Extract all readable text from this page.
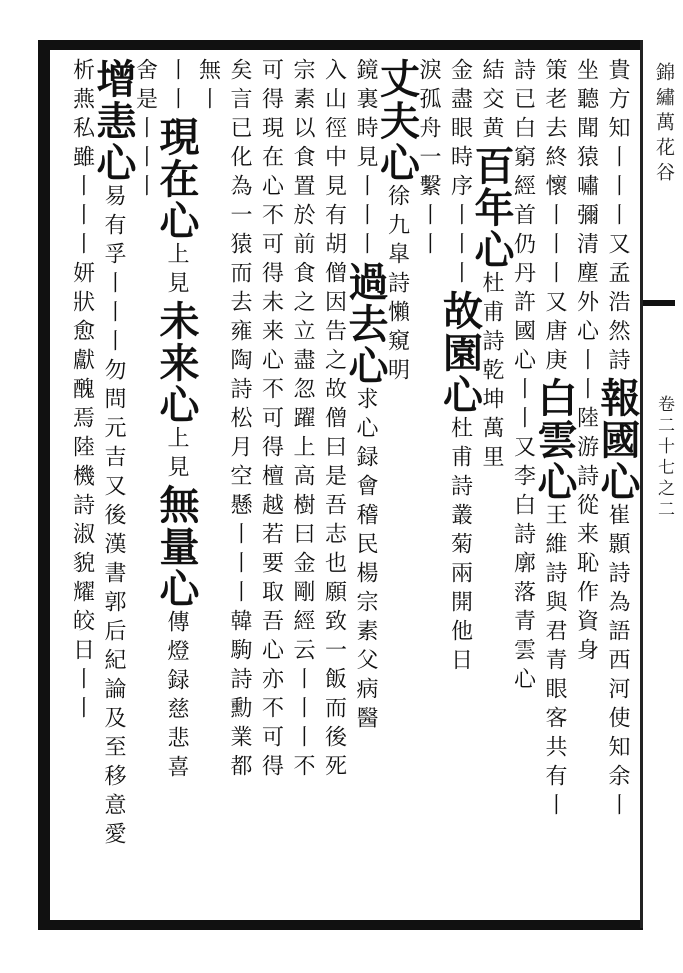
錦繡萬花谷
卷二十七之二
貴方知丨丨丨又孟浩然詩報國心崔顥詩為語西河使知余丨
坐聽聞猿嘯彌清塵外心丨丨陸游詩從来恥作資身
策老去終懷丨丨丨又唐庚白雲心王維詩與君青眼客共有丨
詩已白窮經首仍丹許國心丨丨又李白詩廓落青雲心
結交黄百年心杜甫詩乾坤萬里
金盡眼時序丨丨丨故園心杜甫詩叢菊兩開他日
淚孤舟一繫丨丨
丈夫心徐九皐詩懶窺明
鏡裏時見丨丨丨過去心求心録會稽民楊宗素父病醫
入山徑中見有胡僧因告之故僧曰是吾志也願致一飯而後死
宗素以食置於前食之立盡忽躍上高樹曰金剛經云丨丨丨不
可得現在心不可得未来心不可得檀越若要取吾心亦不可得
矣言已化為一猿而去雍陶詩松月空懸丨丨丨韓駒詩勳業都
無丨
丨丨現在心上見未来心上見無量心傳燈録慈悲喜
舍是丨丨丨
增恚心易有孚丨丨丨勿問元吉又後漢書郭后紀論及至移意愛
析燕私雖丨丨丨妍狀愈獻醜焉陸機詩淑貌耀皎日丨丨
